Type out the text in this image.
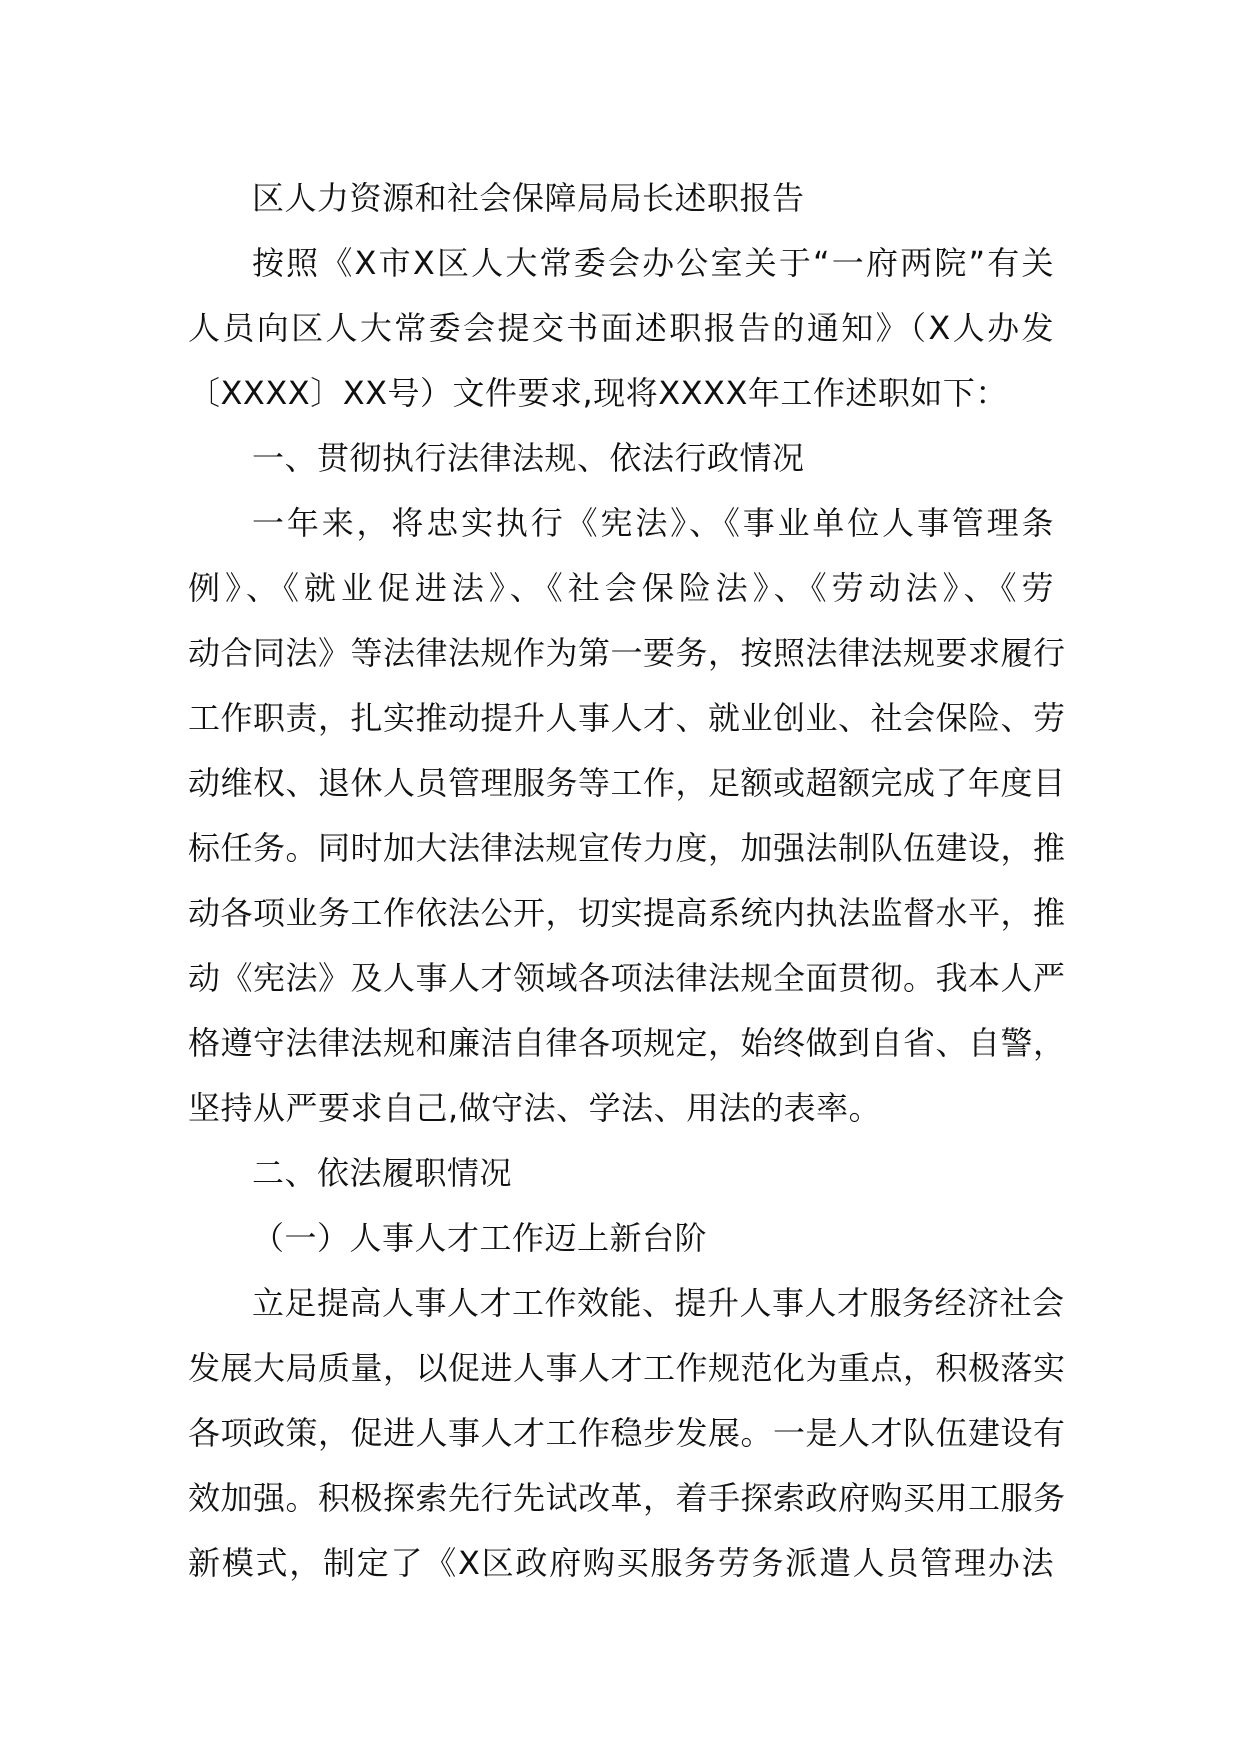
区人力资源和社会保障局局长述职报告
按照《X市X区人大常委会办公室关于“一府两院”有关
人员向区人大常委会提交书面述职报告的通知》（X人办发
〔XXXX〕XX号）文件要求,现将XXXX年工作述职如下：
一、贯彻执行法律法规、依法行政情况
一年来，将忠实执行《宪法》、《事业单位人事管理条
例》、《就业促进法》、《社会保险法》、《劳动法》、《劳
动合同法》等法律法规作为第一要务，按照法律法规要求履行
工作职责，扎实推动提升人事人才、就业创业、社会保险、劳
动维权、退休人员管理服务等工作，足额或超额完成了年度目
标任务。同时加大法律法规宣传力度，加强法制队伍建设，推
动各项业务工作依法公开，切实提高系统内执法监督水平，推
动《宪法》及人事人才领域各项法律法规全面贯彻。我本人严
格遵守法律法规和廉洁自律各项规定，始终做到自省、自警，
坚持从严要求自己,做守法、学法、用法的表率。
二、依法履职情况
（一）人事人才工作迈上新台阶
立足提高人事人才工作效能、提升人事人才服务经济社会
发展大局质量，以促进人事人才工作规范化为重点，积极落实
各项政策，促进人事人才工作稳步发展。一是人才队伍建设有
效加强。积极探索先行先试改革，着手探索政府购买用工服务
新模式，制定了《X区政府购买服务劳务派遣人员管理办法
